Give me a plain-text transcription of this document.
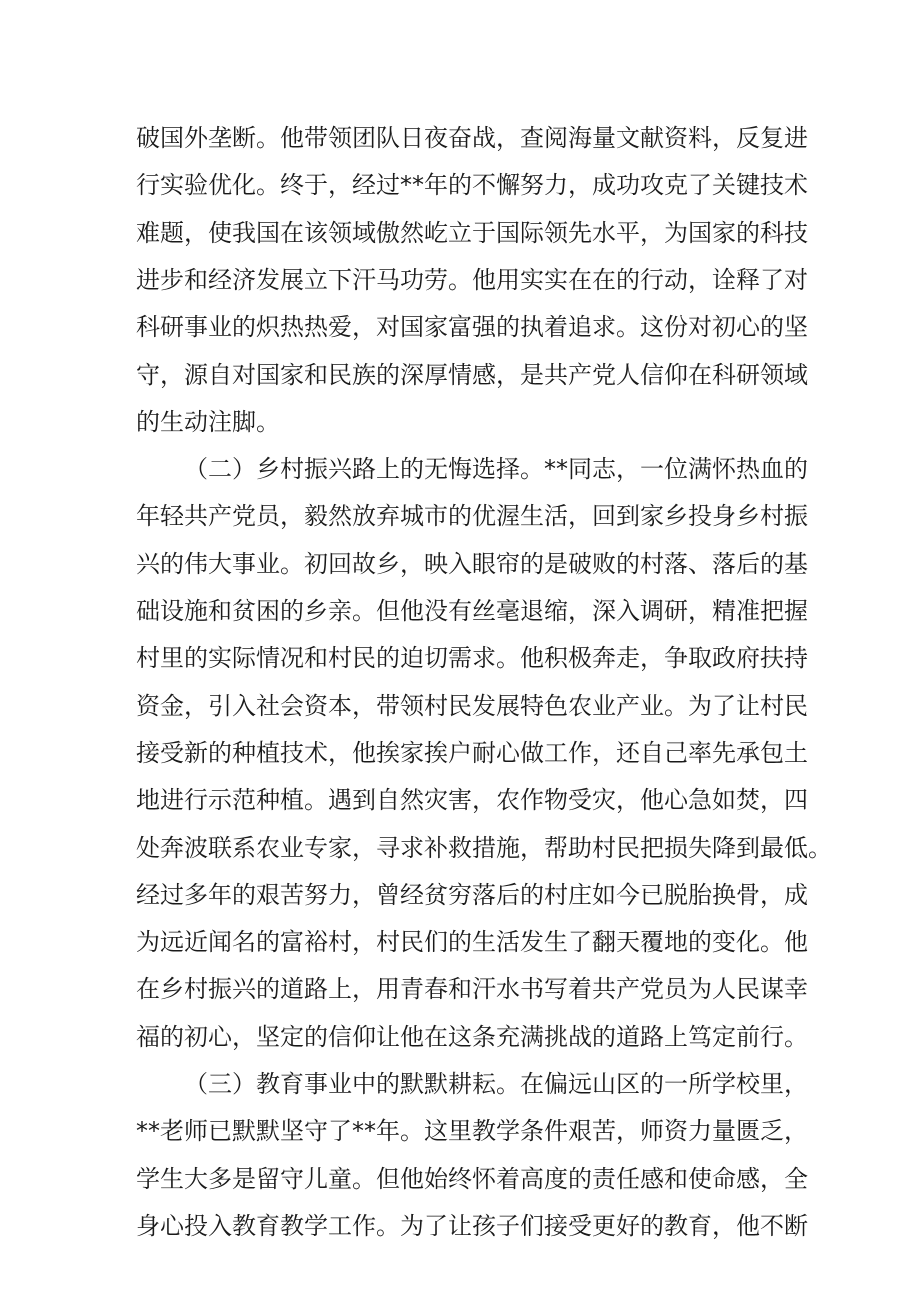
破国外垄断。他带领团队日夜奋战，查阅海量文献资料，反复进
行实验优化。终于，经过**年的不懈努力，成功攻克了关键技术
难题，使我国在该领域傲然屹立于国际领先水平，为国家的科技
进步和经济发展立下汗马功劳。他用实实在在的行动，诠释了对
科研事业的炽热热爱，对国家富强的执着追求。这份对初心的坚
守，源自对国家和民族的深厚情感，是共产党人信仰在科研领域
的生动注脚。
（二）乡村振兴路上的无悔选择。**同志，一位满怀热血的
年轻共产党员，毅然放弃城市的优渥生活，回到家乡投身乡村振
兴的伟大事业。初回故乡，映入眼帘的是破败的村落、落后的基
础设施和贫困的乡亲。但他没有丝毫退缩，深入调研，精准把握
村里的实际情况和村民的迫切需求。他积极奔走，争取政府扶持
资金，引入社会资本，带领村民发展特色农业产业。为了让村民
接受新的种植技术，他挨家挨户耐心做工作，还自己率先承包土
地进行示范种植。遇到自然灾害，农作物受灾，他心急如焚，四
处奔波联系农业专家，寻求补救措施，帮助村民把损失降到最低。
经过多年的艰苦努力，曾经贫穷落后的村庄如今已脱胎换骨，成
为远近闻名的富裕村，村民们的生活发生了翻天覆地的变化。他
在乡村振兴的道路上，用青春和汗水书写着共产党员为人民谋幸
福的初心，坚定的信仰让他在这条充满挑战的道路上笃定前行。
（三）教育事业中的默默耕耘。在偏远山区的一所学校里，
**老师已默默坚守了**年。这里教学条件艰苦，师资力量匮乏，
学生大多是留守儿童。但他始终怀着高度的责任感和使命感，全
身心投入教育教学工作。为了让孩子们接受更好的教育，他不断
